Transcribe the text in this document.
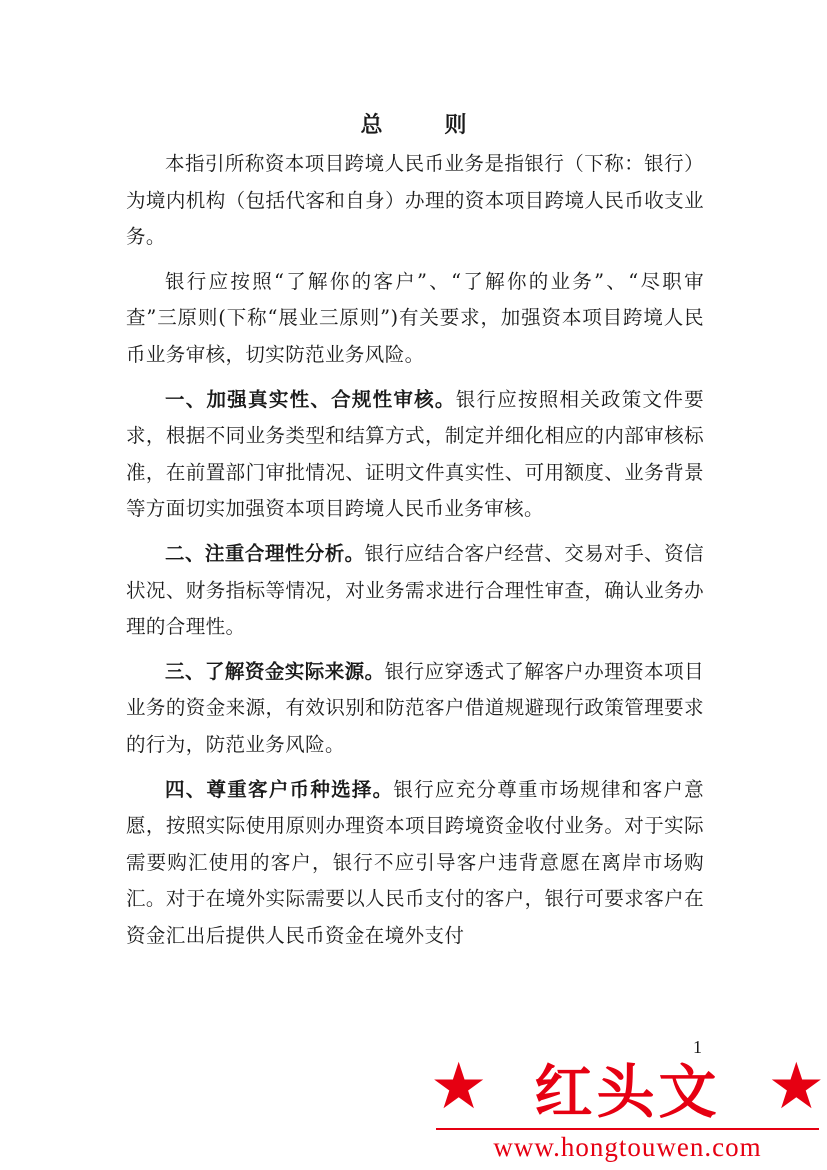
总　则

本指引所称资本项目跨境人民币业务是指银行（下称：银行）为境内机构（包括代客和自身）办理的资本项目跨境人民币收支业务。

银行应按照“了解你的客户”、“了解你的业务”、“尽职审查”三原则(下称“展业三原则”)有关要求，加强资本项目跨境人民币业务审核，切实防范业务风险。

一、加强真实性、合规性审核。银行应按照相关政策文件要求，根据不同业务类型和结算方式，制定并细化相应的内部审核标准，在前置部门审批情况、证明文件真实性、可用额度、业务背景等方面切实加强资本项目跨境人民币业务审核。

二、注重合理性分析。银行应结合客户经营、交易对手、资信状况、财务指标等情况，对业务需求进行合理性审查，确认业务办理的合理性。

三、了解资金实际来源。银行应穿透式了解客户办理资本项目业务的资金来源，有效识别和防范客户借道规避现行政策管理要求的行为，防范业务风险。

四、尊重客户币种选择。银行应充分尊重市场规律和客户意愿，按照实际使用原则办理资本项目跨境资金收付业务。对于实际需要购汇使用的客户，银行不应引导客户违背意愿在离岸市场购汇。对于在境外实际需要以人民币支付的客户，银行可要求客户在资金汇出后提供人民币资金在境外支付

1
★ 红头文 ★
www.hongtouwen.com
